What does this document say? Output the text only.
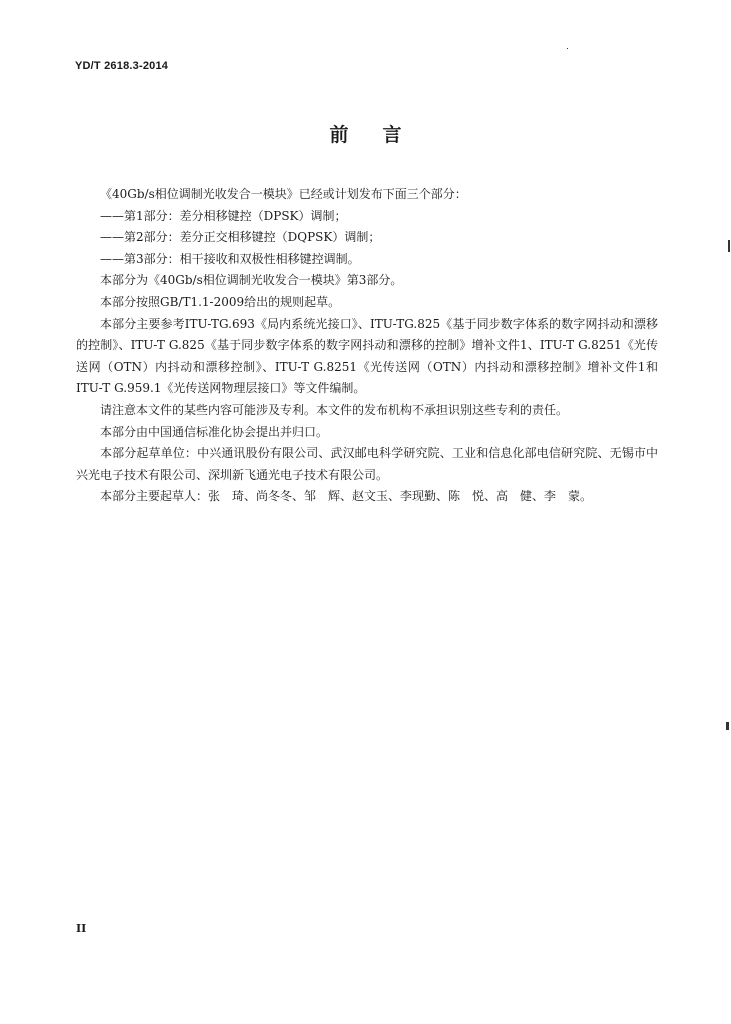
YD/T 2618.3-2014
前言

《40Gb/s相位调制光收发合一模块》已经或计划发布下面三个部分：

——第1部分：差分相移键控（DPSK）调制；

——第2部分：差分正交相移键控（DQPSK）调制；

——第3部分：相干接收和双极性相移键控调制。

本部分为《40Gb/s相位调制光收发合一模块》第3部分。

本部分按照GB/T1.1-2009给出的规则起草。

本部分主要参考ITU-TG.693《局内系统光接口》、ITU-TG.825《基于同步数字体系的数字网抖动和漂移的控制》、ITU-T G.825《基于同步数字体系的数字网抖动和漂移的控制》增补文件1、ITU-T G.8251《光传送网（OTN）内抖动和漂移控制》、ITU-T G.8251《光传送网（OTN）内抖动和漂移控制》增补文件1和ITU-T G.959.1《光传送网物理层接口》等文件编制。

请注意本文件的某些内容可能涉及专利。本文件的发布机构不承担识别这些专利的责任。

本部分由中国通信标准化协会提出并归口。

本部分起草单位：中兴通讯股份有限公司、武汉邮电科学研究院、工业和信息化部电信研究院、无锡市中兴光电子技术有限公司、深圳新飞通光电子技术有限公司。

本部分主要起草人：张　琦、尚冬冬、邹　辉、赵文玉、李现勤、陈　悦、高　健、李　蒙。

II
